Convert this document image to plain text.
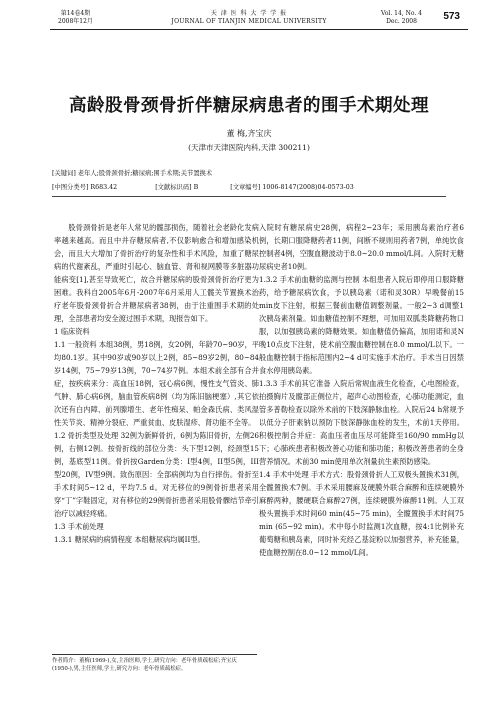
第14卷4期
2008年12月
天 津 医 科 大 学 学 报
JOURNAL OF TIANJIN MEDICAL UNIVERSITY
Vol. 14, No. 4
Dec. 2008	573
高龄股骨颈骨折伴糖尿病患者的围手术期处理
董 梅,齐宝庆
(天津市天津医院内科,天津 300211)
[关键词] 老年人;股骨颈骨折;糖尿病;围手术期;关节置换术
[中图分类号] R683.42	[文献标识码] B	[文章编号] 1006-8147(2008)04-0573-03

股骨颈骨折是老年人常见的髋部损伤，随着社会老龄化发病率越来越高。而且中并存糖尿病者,不仅影响愈合和增加感染机会，而且大大增加了骨折治疗的复杂性和手术风险，加重了糖尿病的代谢紊乱，严重时引起心、脑血管、肾和视网膜等多脏器功能病变[1],甚至导致死亡，故合并糖尿病的股骨颈骨折治疗更为困难。我科自2005年6月-2007年6月采用人工髋关节置换术治疗老年股骨颈骨折合并糖尿病者38例，由于注重围手术期的处理，全部患者均安全渡过围手术期，现报告如下。

1 临床资料

1.1 一般资料 本组38例，男18例，女20例，年龄70~90岁，平均80.1岁。其中90岁或90岁以上2例，85~89岁2例，80~84岁14例，75~79岁13例，70~74岁7例。本组术前全部有合并症，按疾病来分：高血压18例，冠心病6例，慢性支气管炎、肺气肿、肺心病6例，脑血管疾病8例（均为陈旧脑梗塞）,其它依次还有白内障、前列腺增生、老年性痴呆、帕金森氏病、类风湿性关节炎、精神分裂症、严重贫血、皮肤湿疹、肾功能不全等。

1.2 骨折类型及处理 32例为新鲜骨折，6例为陈旧骨折，左侧26例，右侧12例。按骨折线的部位分类：头下型12例，经颈型15例，基底型11例。骨折按Garden分类：I型4例，II型5例，III型20例，IV型9例。致伤原因：全部病例均为自行摔伤。骨折至手术时间5~12 d，平均7.5 d。对无移位的9例骨折患者采用穿“丁”字鞋固定，对有移位的29例骨折患者采用股骨髁结节牵引治疗以减轻疼痛。

1.3 手术前处理

1.3.1 糖尿病的病情程度 本组糖尿病均属II型。

入院时有糖尿病史28例，病程2~23年；采用胰岛素治疗者6例，长期口服降糖药者11例，间断不规则用药者7例，单纯饮食控制者4例，空腹血糖波动于8.0~20.0 mmol/L间。入院时无糖尿病史者10例。

1.3.2 手术前血糖的监测与控制 本组患者入院后即停用口服降糖药，给予糖尿病饮食，予以胰岛素（诺和灵30R）早晚餐前15 min皮下注射，根据三餐前血糖值调整剂量。一般2~3 d调整1次胰岛素剂量。如血糖值控制不理想，可加用双胍类降糖药物口服，以加强胰岛素的降糖效果。如血糖值仍偏高，加用诺和灵N晚10点皮下注射，使术前空腹血糖控制在8.0 mmol/L以下。一般血糖控制于指标范围内2~4 d可实施手术治疗。手术当日因禁食水停用胰岛素。

1.3.3 手术前其它准备 入院后常规血液生化检查，心电图检查，拍摄胸片及髋部正侧位片，超声心动图检查，心肺功能测定，血管多普勒检查以除外术前的下肢深静脉血栓。入院后24 h常规予以低分子肝素钠以预防下肢深静脉血栓的发生，术前1天停用。积极控制合并症：高血压者血压尽可能降至160/90 mmHg以下；心肺疾患者积极改善心功能和肺功能；积极改善患者的全身营养情况。术前30 min使用单次剂量抗生素预防感染。

1.4 手术中处理 手术方式：股骨颈骨折人工双极头置换术31例，全髋置换术7例。手术采用腰麻及硬膜外联合麻醉和连续硬膜外麻醉两种，腰硬联合麻醉27例，连续硬膜外麻醉11例。人工双极头置换手术时间60 min(45~75 min)，全髋置换手术时间75 min (65~92 min)。术中每小时监测1次血糖，按4:1比例补充葡萄糖和胰岛素，同时补充经乙基淀粉以加强营养，补充能量，使血糖控制在8.0~12 mmol/L间。

作者简介：董梅(1969-),女,主治医师,学士,研究方向：老年骨质疏松症;齐宝庆(1950-),男,主任医师,学士,研究方向：老年骨质疏松症。
